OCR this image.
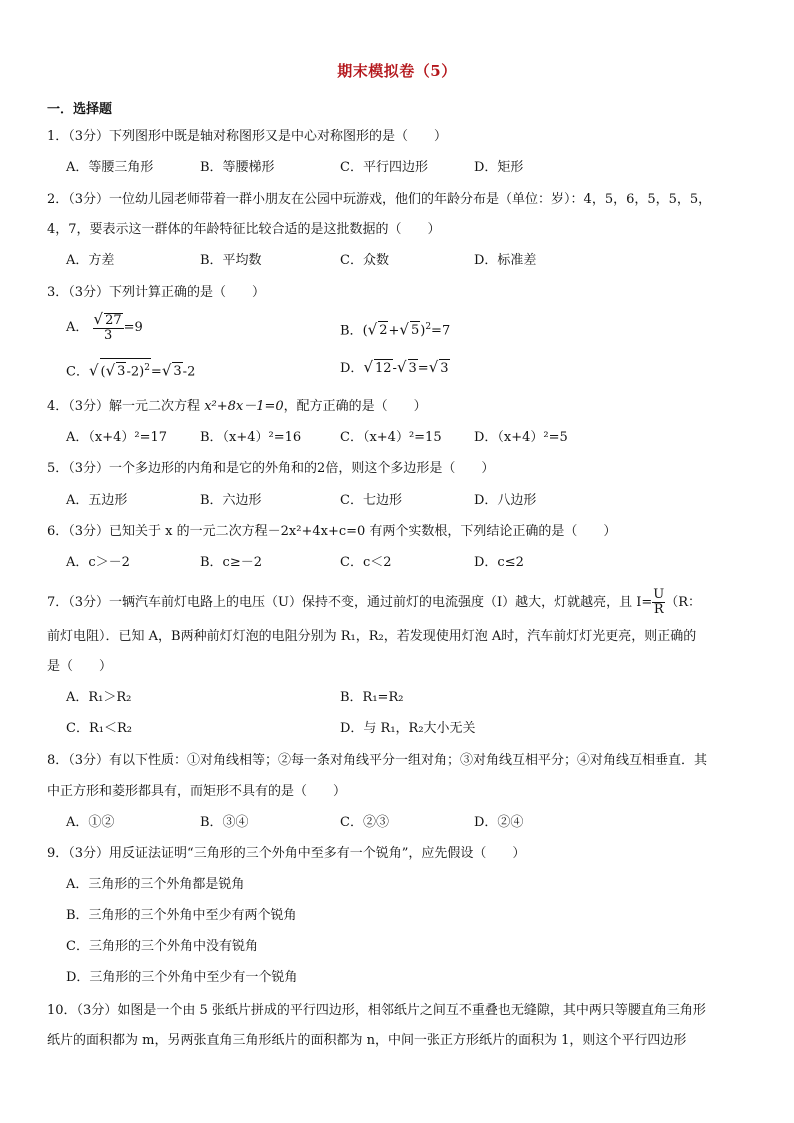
期末模拟卷（5）
一．选择题
1．（3分）下列图形中既是轴对称图形又是中心对称图形的是（　　）
A．等腰三角形	B．等腰梯形	C．平行四边形	D．矩形
2．（3分）一位幼儿园老师带着一群小朋友在公园中玩游戏，他们的年龄分布是（单位：岁）：4，5，6，5，5，5，
4，7，要表示这一群体的年龄特征比较合适的是这批数据的（　　）
A．方差	B．平均数	C．众数	D．标准差
3．（3分）下列计算正确的是（　　）
A． $\frac{√ 27}{3} =9$	B．(√ 2+√ 5)$^2$=7
C．√ (√ 3-2)$^2$=√ 3-2	D．√ 12-√ 3=√ 3
4．（3分）解一元二次方程 x²+8x－1=0，配方正确的是（　　）
A．（x+4）²=17	B．（x+4）²=16	C．（x+4）²=15 D．（x+4）²=5
5．（3分）一个多边形的内角和是它的外角和的2倍，则这个多边形是（　　）
A．五边形	B．六边形	C．七边形	D．八边形
6．（3分）已知关于 x 的一元二次方程－2x²+4x+c=0 有两个实数根，下列结论正确的是（　　）
A．c＞－2	B．c≥－2	C．c＜2	D．c≤2
7．（3分）一辆汽车前灯电路上的电压（U）保持不变，通过前灯的电流强度（I）越大，灯就越亮，且 $I= \frac{U}{R} (R$：
前灯电阻）．已知 A，B两种前灯灯泡的电阻分别为 R₁，R₂，若发现使用灯泡 A时，汽车前灯灯光更亮，则正确的
是（　　）
A．R₁＞R₂	B．R₁=R₂
C．R₁＜R₂	D．与 R₁，R₂大小无关
8．（3分）有以下性质：①对角线相等；②每一条对角线平分一组对角；③对角线互相平分；④对角线互相垂直．其
中正方形和菱形都具有，而矩形不具有的是（　　）
A．①②	B．③④	C．②③	D．②④
9．（3分）用反证法证明“三角形的三个外角中至多有一个锐角”，应先假设（　　）
A．三角形的三个外角都是锐角
B．三角形的三个外角中至少有两个锐角
C．三角形的三个外角中没有锐角
D．三角形的三个外角中至少有一个锐角
10．（3分）如图是一个由 5 张纸片拼成的平行四边形，相邻纸片之间互不重叠也无缝隙，其中两只等腰直角三角形
纸片的面积都为 m，另两张直角三角形纸片的面积都为 n，中间一张正方形纸片的面积为 1，则这个平行四边形
